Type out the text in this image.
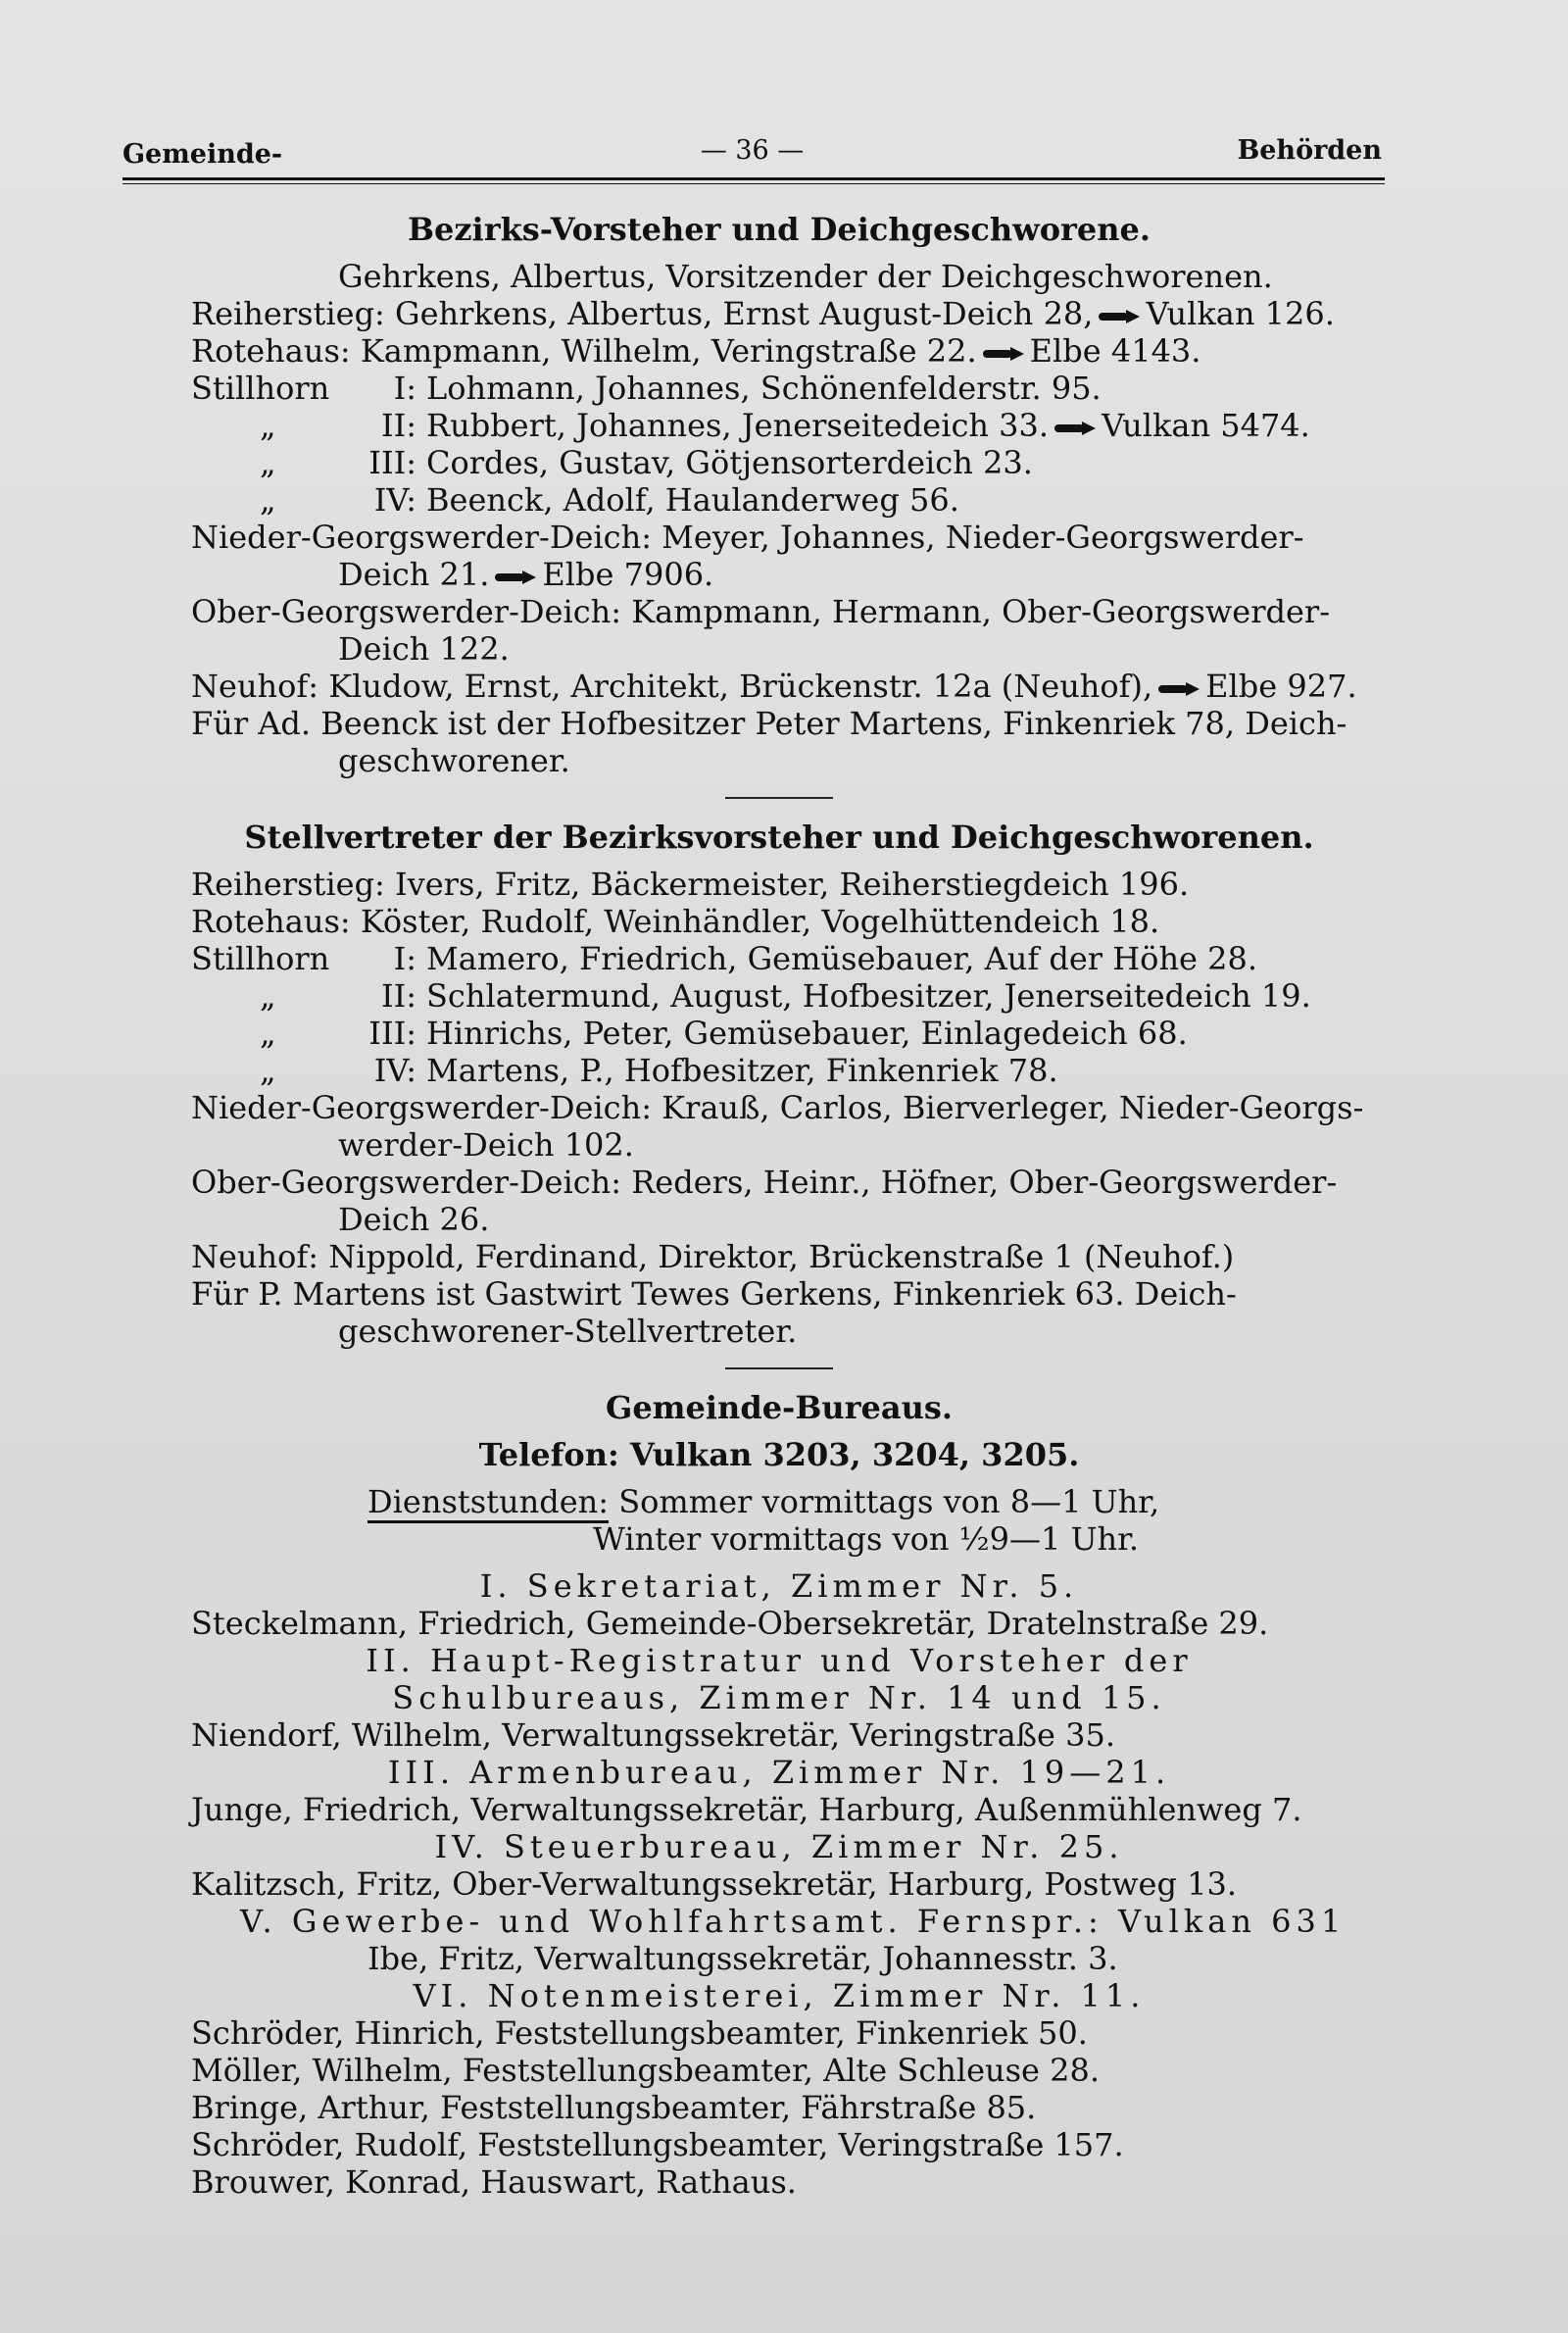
Gemeinde-	— 36 —	Behörden

Bezirks-Vorsteher und Deichgeschworene.

Gehrkens, Albertus, Vorsitzender der Deichgeschworenen.

Reiherstieg: Gehrkens, Albertus, Ernst August-Deich 28, Vulkan 126.

Rotehaus: Kampmann, Wilhelm, Veringstraße 22. Elbe 4143.

Stillhorn I: Lohmann, Johannes, Schönenfelderstr. 95.

„	II: Rubbert, Johannes, Jenerseitedeich 33. Vulkan 5474.

„	III: Cordes, Gustav, Götjensorterdeich 23.

„	IV: Beenck, Adolf, Haulanderweg 56.

Nieder-Georgswerder-Deich: Meyer, Johannes, Nieder-Georgswerder-

Deich 21. Elbe 7906.

Ober-Georgswerder-Deich: Kampmann, Hermann, Ober-Georgswerder-

Deich 122.

Neuhof: Kludow, Ernst, Architekt, Brückenstr. 12a (Neuhof), Elbe 927.

Für Ad. Beenck ist der Hofbesitzer Peter Martens, Finkenriek 78, Deich-

geschworener.

Stellvertreter der Bezirksvorsteher und Deichgeschworenen.

Reiherstieg: Ivers, Fritz, Bäckermeister, Reiherstiegdeich 196.

Rotehaus: Köster, Rudolf, Weinhändler, Vogelhüttendeich 18.

Stillhorn I: Mamero, Friedrich, Gemüsebauer, Auf der Höhe 28.

„	II: Schlatermund, August, Hofbesitzer, Jenerseitedeich 19.

„	III: Hinrichs, Peter, Gemüsebauer, Einlagedeich 68.

„	IV: Martens, P., Hofbesitzer, Finkenriek 78.

Nieder-Georgswerder-Deich: Krauß, Carlos, Bierverleger, Nieder-Georgs-

werder-Deich 102.

Ober-Georgswerder-Deich: Reders, Heinr., Höfner, Ober-Georgswerder-

Deich 26.

Neuhof: Nippold, Ferdinand, Direktor, Brückenstraße 1 (Neuhof.)

Für P. Martens ist Gastwirt Tewes Gerkens, Finkenriek 63. Deich-

geschworener-Stellvertreter.

Gemeinde-Bureaus.

Telefon: Vulkan 3203, 3204, 3205.

Dienststunden: Sommer vormittags von 8—1 Uhr,

Winter vormittags von ½9—1 Uhr.

I. Sekretariat, Zimmer Nr. 5.

Steckelmann, Friedrich, Gemeinde-Obersekretär, Dratelnstraße 29.

II. Haupt-Registratur und Vorsteher der

Schulbureaus, Zimmer Nr. 14 und 15.

Niendorf, Wilhelm, Verwaltungssekretär, Veringstraße 35.

III. Armenbureau, Zimmer Nr. 19—21.

Junge, Friedrich, Verwaltungssekretär, Harburg, Außenmühlenweg 7.

IV. Steuerbureau, Zimmer Nr. 25.

Kalitzsch, Fritz, Ober-Verwaltungssekretär, Harburg, Postweg 13.

V. Gewerbe- und Wohlfahrtsamt. Fernspr.: Vulkan 631

Ibe, Fritz, Verwaltungssekretär, Johannesstr. 3.

VI. Notenmeisterei, Zimmer Nr. 11.

Schröder, Hinrich, Feststellungsbeamter, Finkenriek 50.

Möller, Wilhelm, Feststellungsbeamter, Alte Schleuse 28.

Bringe, Arthur, Feststellungsbeamter, Fährstraße 85.

Schröder, Rudolf, Feststellungsbeamter, Veringstraße 157.

Brouwer, Konrad, Hauswart, Rathaus.
